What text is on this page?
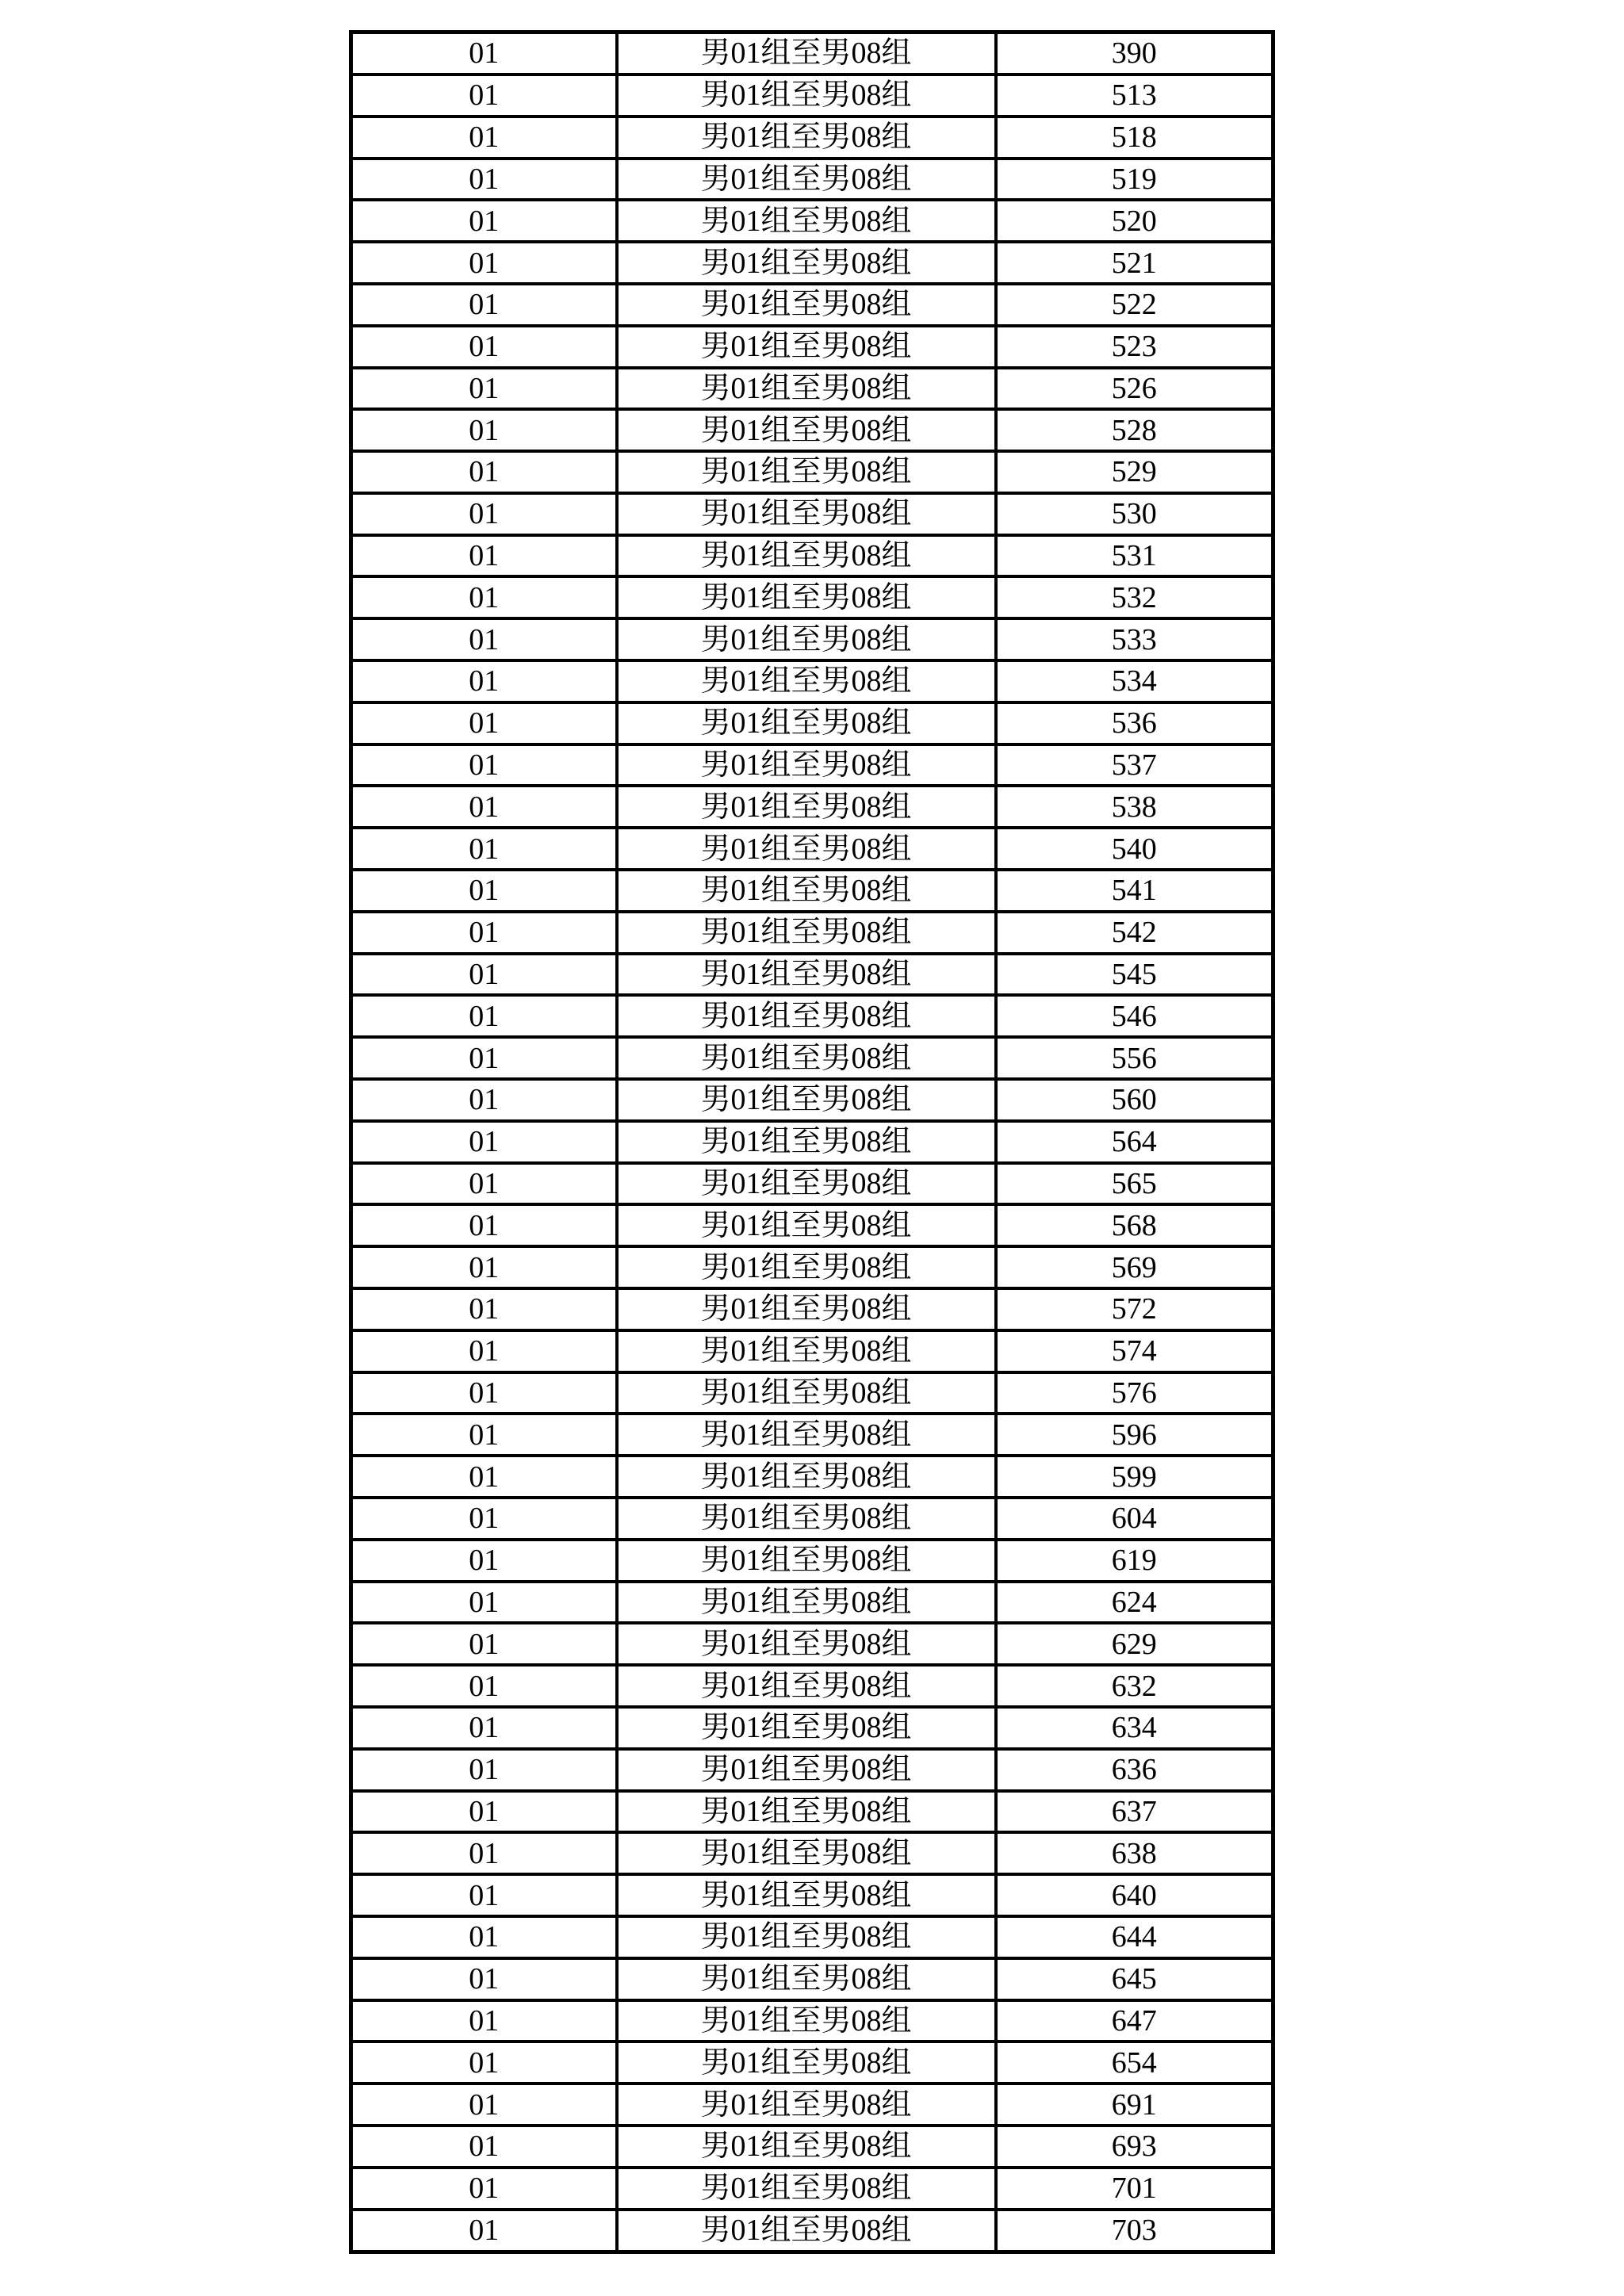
01	男01组至男08组	390
01	男01组至男08组	513
01	男01组至男08组	518
01	男01组至男08组	519
01	男01组至男08组	520
01	男01组至男08组	521
01	男01组至男08组	522
01	男01组至男08组	523
01	男01组至男08组	526
01	男01组至男08组	528
01	男01组至男08组	529
01	男01组至男08组	530
01	男01组至男08组	531
01	男01组至男08组	532
01	男01组至男08组	533
01	男01组至男08组	534
01	男01组至男08组	536
01	男01组至男08组	537
01	男01组至男08组	538
01	男01组至男08组	540
01	男01组至男08组	541
01	男01组至男08组	542
01	男01组至男08组	545
01	男01组至男08组	546
01	男01组至男08组	556
01	男01组至男08组	560
01	男01组至男08组	564
01	男01组至男08组	565
01	男01组至男08组	568
01	男01组至男08组	569
01	男01组至男08组	572
01	男01组至男08组	574
01	男01组至男08组	576
01	男01组至男08组	596
01	男01组至男08组	599
01	男01组至男08组	604
01	男01组至男08组	619
01	男01组至男08组	624
01	男01组至男08组	629
01	男01组至男08组	632
01	男01组至男08组	634
01	男01组至男08组	636
01	男01组至男08组	637
01	男01组至男08组	638
01	男01组至男08组	640
01	男01组至男08组	644
01	男01组至男08组	645
01	男01组至男08组	647
01	男01组至男08组	654
01	男01组至男08组	691
01	男01组至男08组	693
01	男01组至男08组	701
01	男01组至男08组	703
